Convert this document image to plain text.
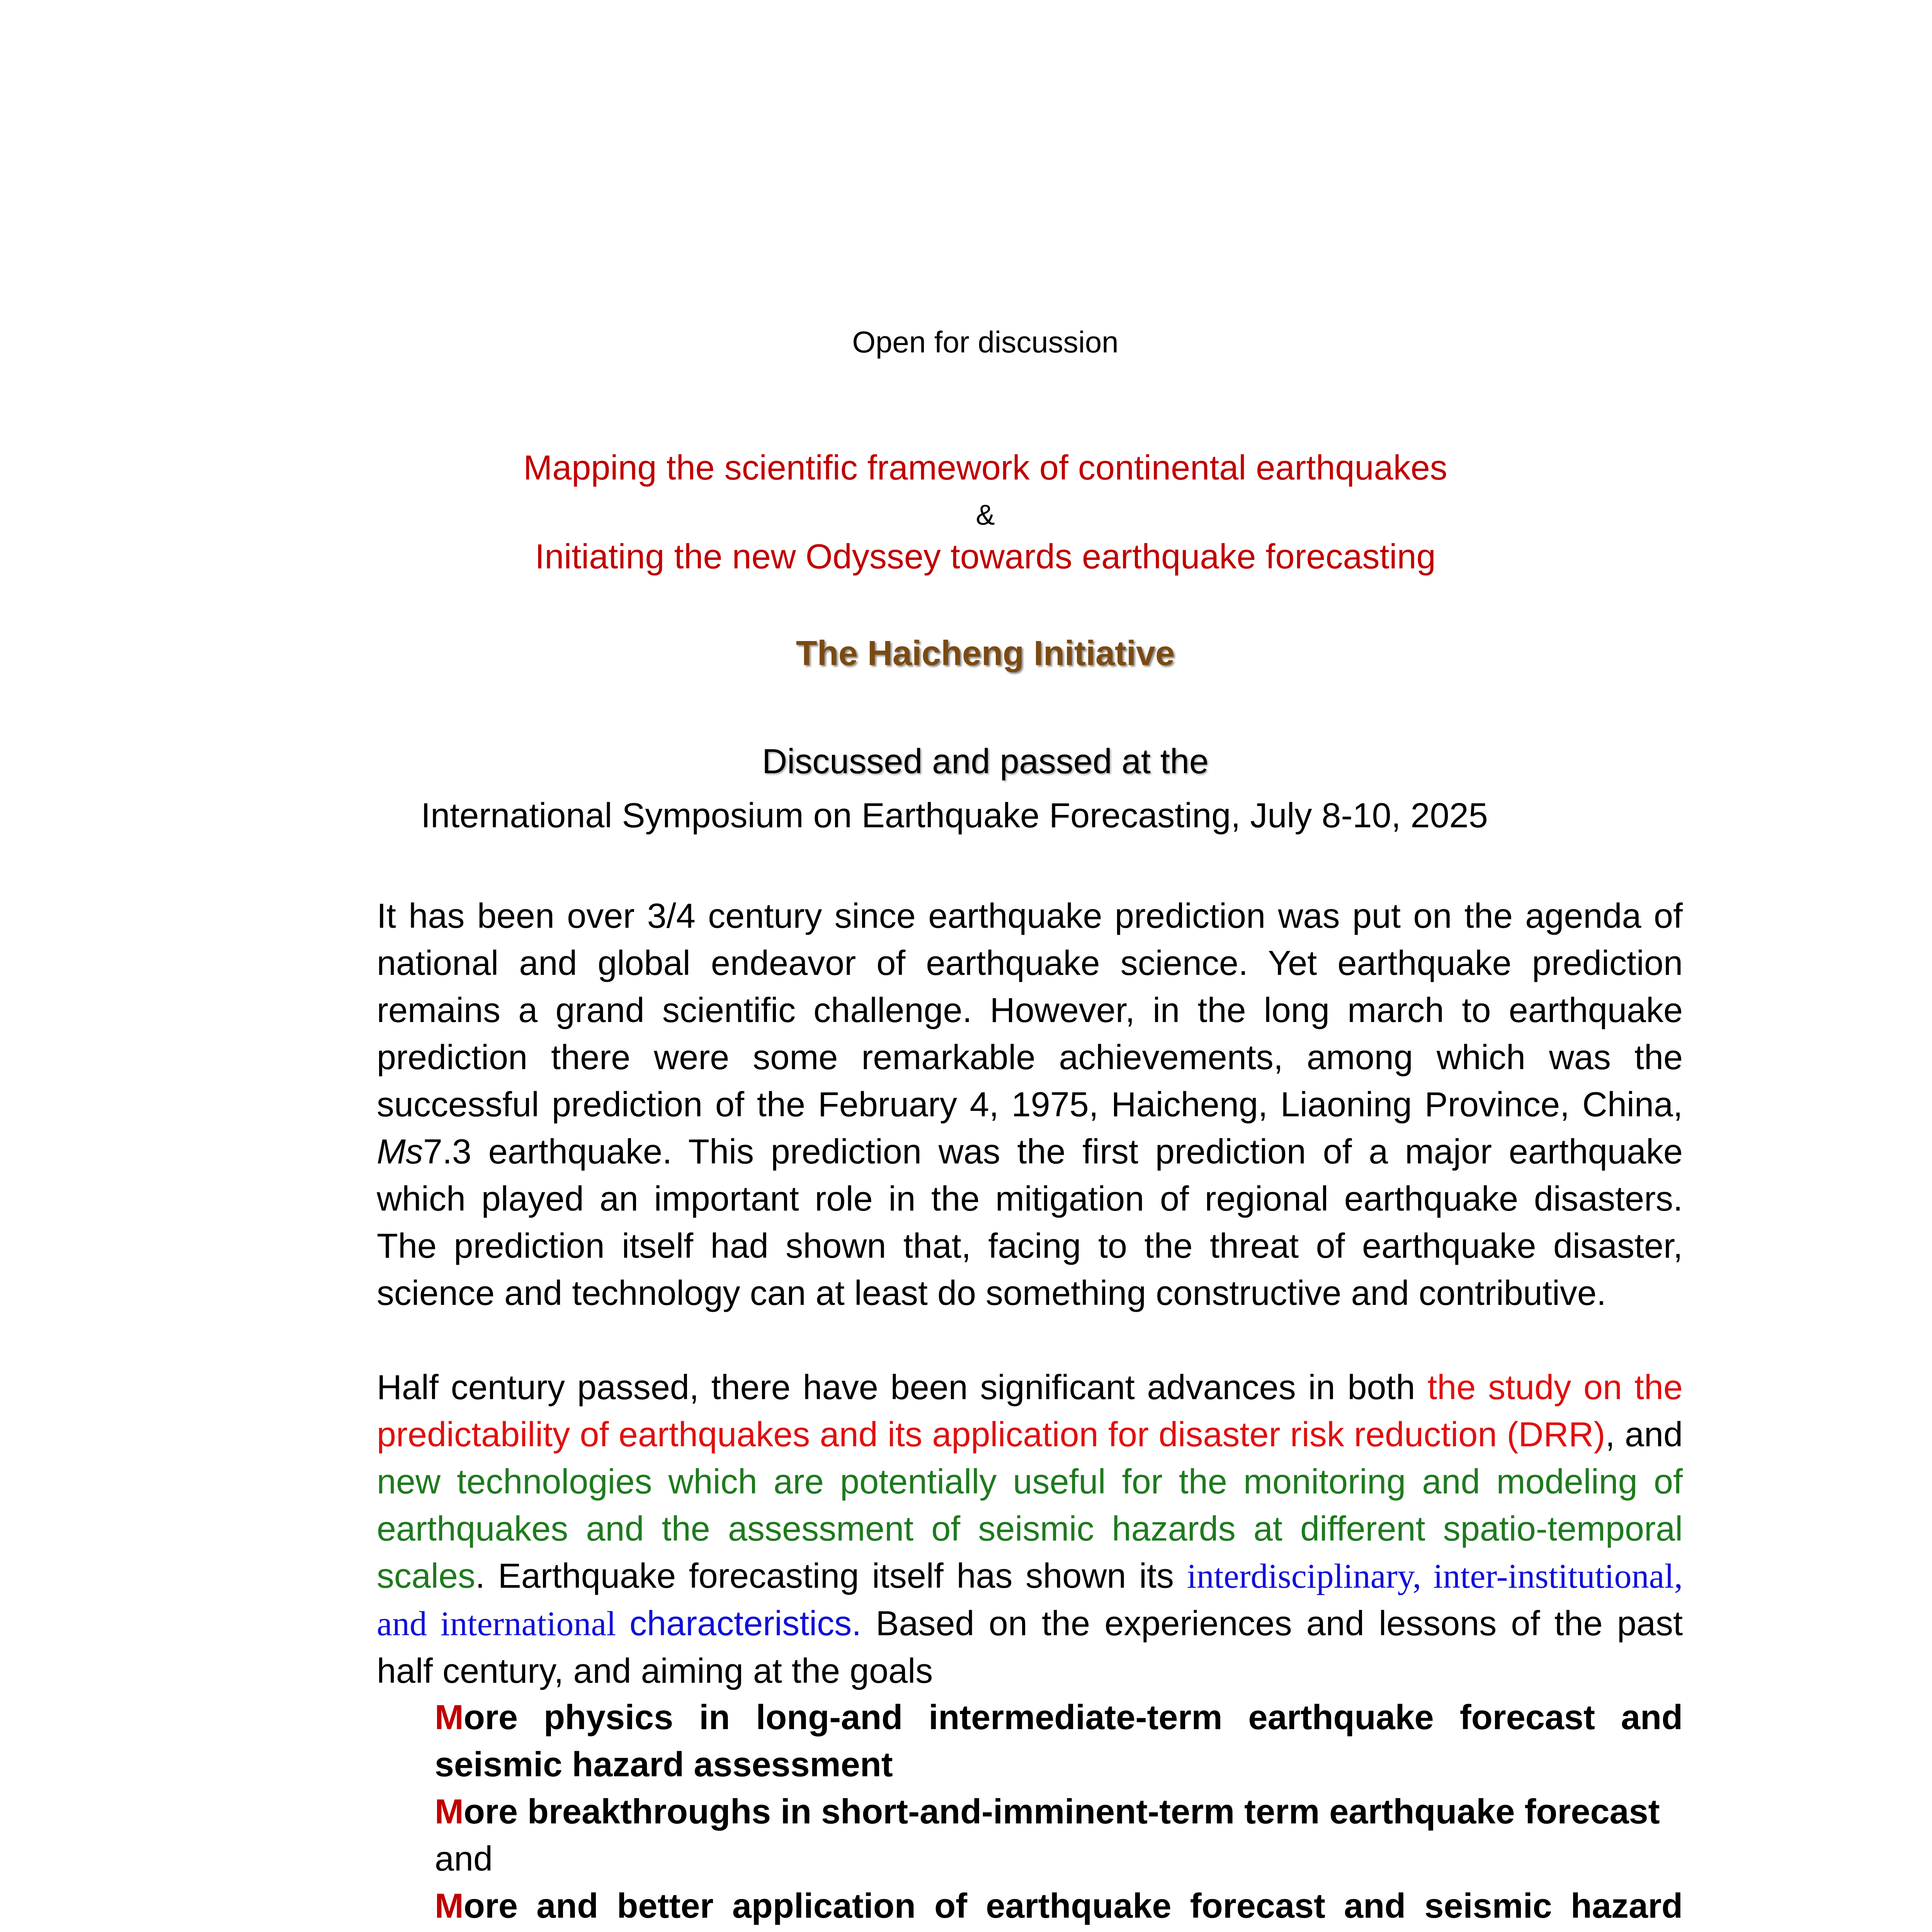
Open for discussion
Mapping the scientific framework of continental earthquakes
&
Initiating the new Odyssey towards earthquake forecasting
The Haicheng Initiative
Discussed and passed at the
International Symposium on Earthquake Forecasting, July 8-10, 2025
It has been over 3/4 century since earthquake prediction was put on the agenda of national and global endeavor of earthquake science. Yet earthquake prediction remains a grand scientific challenge. However, in the long march to earthquake prediction there were some remarkable achievements, among which was the successful prediction of the February 4, 1975, Haicheng, Liaoning Province, China, Ms7.3 earthquake. This prediction was the first prediction of a major earthquake which played an important role in the mitigation of regional earthquake disasters. The prediction itself had shown that, facing to the threat of earthquake disaster, science and technology can at least do something constructive and contributive.
Half century passed, there have been significant advances in both the study on the predictability of earthquakes and its application for disaster risk reduction (DRR), and new technologies which are potentially useful for the monitoring and modeling of earthquakes and the assessment of seismic hazards at different spatio-temporal scales. Earthquake forecasting itself has shown its interdisciplinary, inter-institutional, and international characteristics. Based on the experiences and lessons of the past half century, and aiming at the goals
More physics in long-and intermediate-term earthquake forecast and seismic hazard assessment
More breakthroughs in short-and-imminent-term term earthquake forecast
and
More and better application of earthquake forecast and seismic hazard
